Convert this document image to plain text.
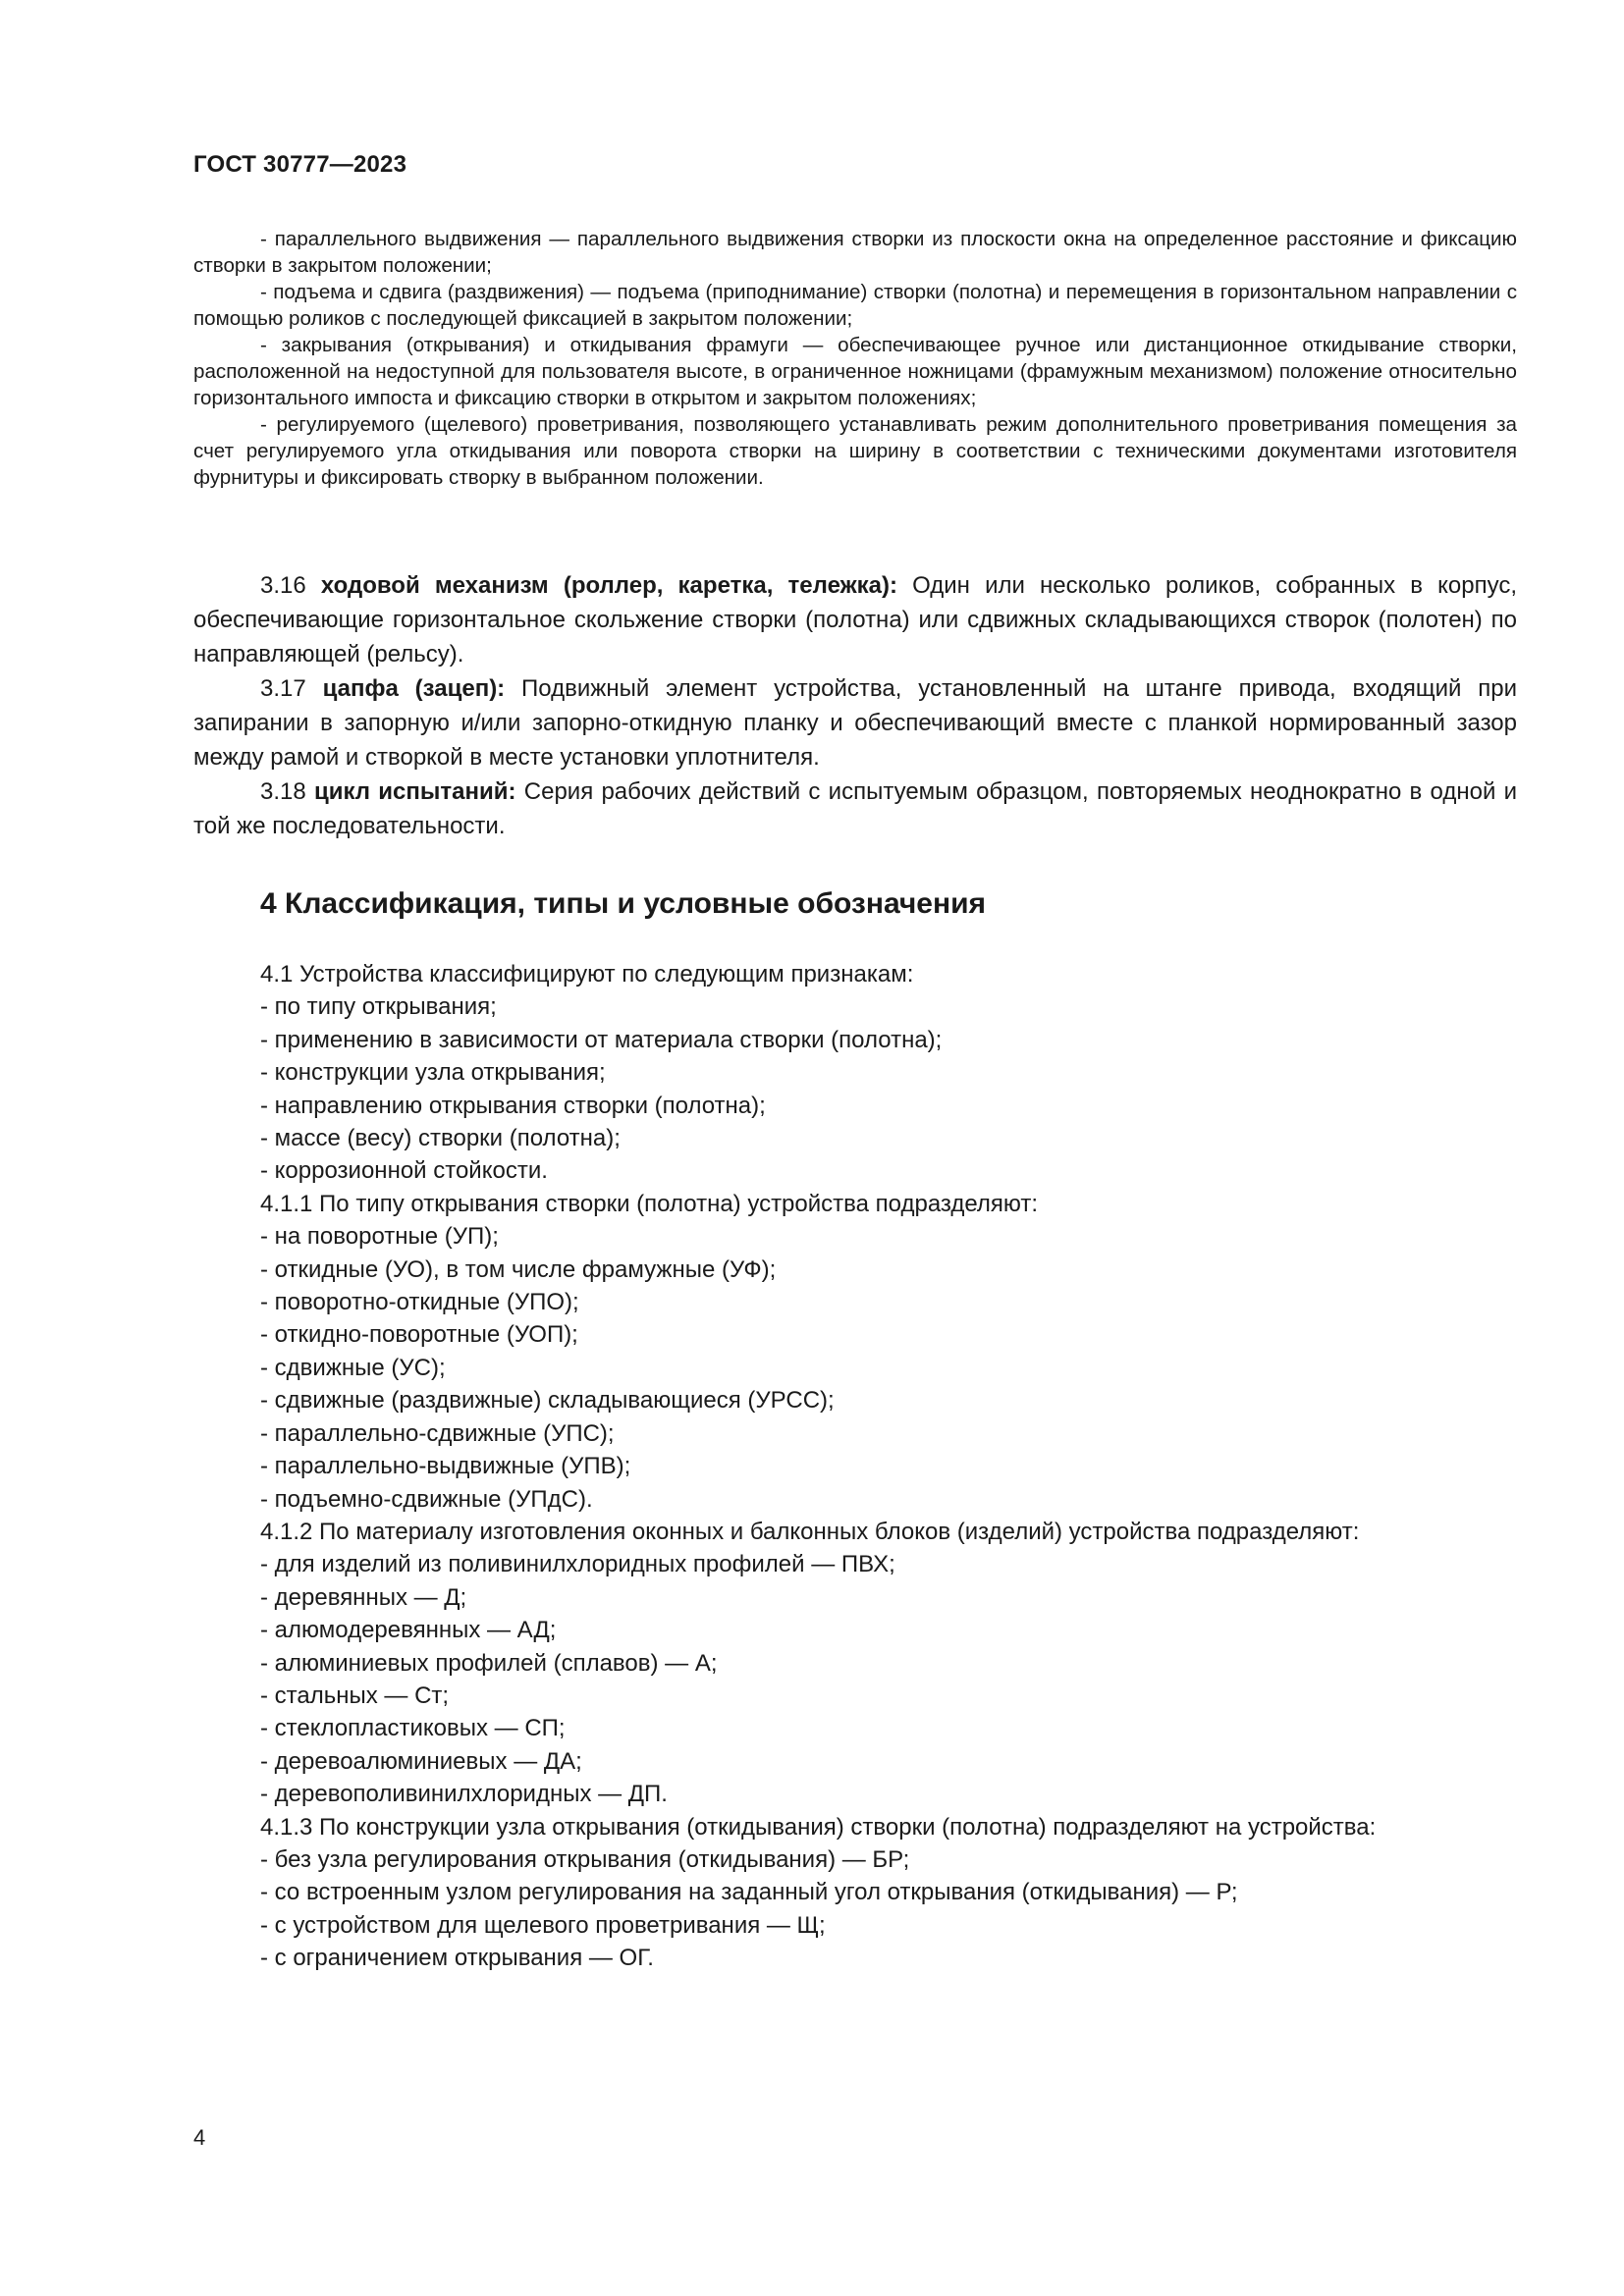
ГОСТ 30777—2023

- параллельного выдвижения — параллельного выдвижения створки из плоскости окна на определенное расстояние и фиксацию створки в закрытом положении;

- подъема и сдвига (раздвижения) — подъема (приподнимание) створки (полотна) и перемещения в горизонтальном направлении с помощью роликов с последующей фиксацией в закрытом положении;

- закрывания (открывания) и откидывания фрамуги — обеспечивающее ручное или дистанционное откидывание створки, расположенной на недоступной для пользователя высоте, в ограниченное ножницами (фрамужным механизмом) положение относительно горизонтального импоста и фиксацию створки в открытом и закрытом положениях;

- регулируемого (щелевого) проветривания, позволяющего устанавливать режим дополнительного проветривания помещения за счет регулируемого угла откидывания или поворота створки на ширину в соответствии с техническими документами изготовителя фурнитуры и фиксировать створку в выбранном положении.

3.16 ходовой механизм (роллер, каретка, тележка): Один или несколько роликов, собранных в корпус, обеспечивающие горизонтальное скольжение створки (полотна) или сдвижных складывающихся створок (полотен) по направляющей (рельсу).

3.17 цапфа (зацеп): Подвижный элемент устройства, установленный на штанге привода, входящий при запирании в запорную и/или запорно-откидную планку и обеспечивающий вместе с планкой нормированный зазор между рамой и створкой в месте установки уплотнителя.

3.18 цикл испытаний: Серия рабочих действий с испытуемым образцом, повторяемых неоднократно в одной и той же последовательности.

4 Классификация, типы и условные обозначения

4.1 Устройства классифицируют по следующим признакам:

- по типу открывания;

- применению в зависимости от материала створки (полотна);

- конструкции узла открывания;

- направлению открывания створки (полотна);

- массе (весу) створки (полотна);

- коррозионной стойкости.

4.1.1 По типу открывания створки (полотна) устройства подразделяют:

- на поворотные (УП);

- откидные (УО), в том числе фрамужные (УФ);

- поворотно-откидные (УПО);

- откидно-поворотные (УОП);

- сдвижные (УС);

- сдвижные (раздвижные) складывающиеся (УРСС);

- параллельно-сдвижные (УПС);

- параллельно-выдвижные (УПВ);

- подъемно-сдвижные (УПдС).

4.1.2 По материалу изготовления оконных и балконных блоков (изделий) устройства подразделяют:

- для изделий из поливинилхлоридных профилей — ПВХ;

- деревянных — Д;

- алюмодеревянных — АД;

- алюминиевых профилей (сплавов) — А;

- стальных — Ст;

- стеклопластиковых — СП;

- деревоалюминиевых — ДА;

- деревополивинилхлоридных — ДП.

4.1.3 По конструкции узла открывания (откидывания) створки (полотна) подразделяют на устройства:

- без узла регулирования открывания (откидывания) — БР;

- со встроенным узлом регулирования на заданный угол открывания (откидывания) — Р;

- с устройством для щелевого проветривания — Щ;

- с ограничением открывания — ОГ.

4
